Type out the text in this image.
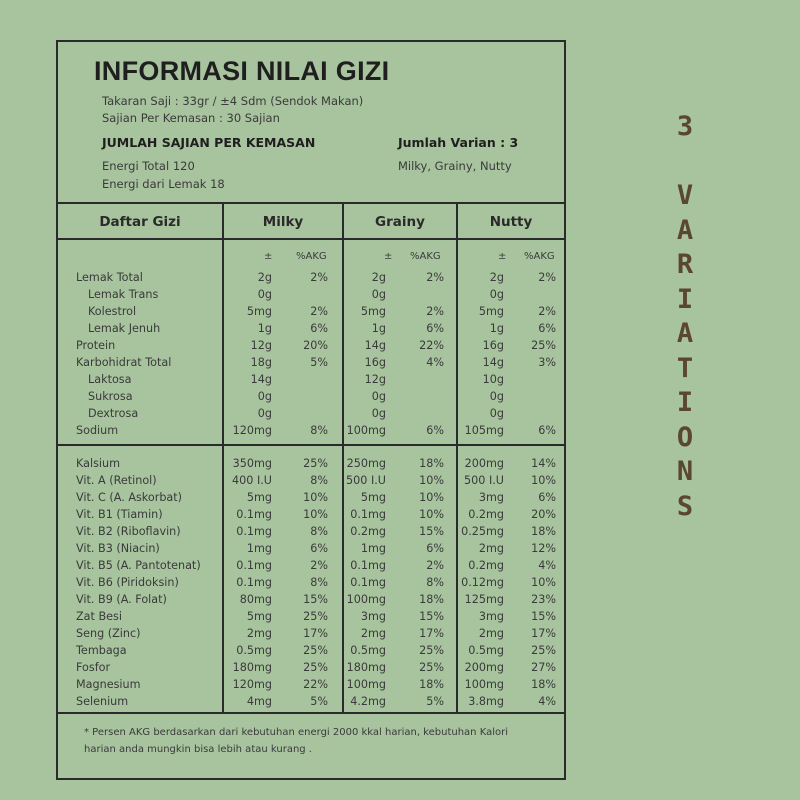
INFORMASI NILAI GIZI
Takaran Saji : 33gr / ±4 Sdm (Sendok Makan)
Sajian Per Kemasan : 30 Sajian
JUMLAH SAJIAN PER KEMASAN	Jumlah Varian : 3
Energi Total 120	Milky, Grainy, Nutty
Energi dari Lemak 18
Daftar Gizi	Milky	Grainy	Nutty
± %AKG	± %AKG	± %AKG
Lemak Total	2g	2%	2g	2%	2g	2%
Lemak Trans	0g	0g	0g
Kolestrol	5mg	2%	5mg	2%	5mg	2%
Lemak Jenuh	1g	6%	1g	6%	1g	6%
Protein	12g	20%	14g	22%	16g 25%
Karbohidrat Total	18g	5%	16g	4%	14g	3%
Laktosa	14g	12g	10g
Sukrosa	0g	0g	0g
Dextrosa	0g	0g	0g
Sodium	120mg	8% 100mg	6% 105mg	6%
Kalsium	350mg	25% 250mg	18% 200mg 14%
Vit. A (Retinol)	400 I.U	8% 500 I.U	10% 500 I.U 10%
Vit. C (A. Askorbat)	5mg	10%	5mg	10%	3mg	6%
Vit. B1 (Tiamin)	0.1mg	10% 0.1mg	10% 0.2mg 20%
Vit. B2 (Riboflavin)	0.1mg	8% 0.2mg	15% 0.25mg 18%
Vit. B3 (Niacin)	1mg	6%	1mg	6%	2mg 12%
Vit. B5 (A. Pantotenat)	0.1mg	2% 0.1mg	2% 0.2mg	4%
Vit. B6 (Piridoksin)	0.1mg	8% 0.1mg	8% 0.12mg 10%
Vit. B9 (A. Folat)	80mg	15% 100mg	18% 125mg 23%
Zat Besi	5mg	25%	3mg	15%	3mg 15%
Seng (Zinc)	2mg	17%	2mg	17%	2mg 17%
Tembaga	0.5mg	25% 0.5mg	25% 0.5mg 25%
Fosfor	180mg	25% 180mg	25% 200mg 27%
Magnesium	120mg	22% 100mg	18% 100mg 18%
Selenium	4mg	5% 4.2mg	5% 3.8mg	4%
* Persen AKG berdasarkan dari kebutuhan energi 2000 kkal harian, kebutuhan Kalori harian anda mungkin bisa lebih atau kurang .
3

V
A
R
I
A
T
I
O
N
S
